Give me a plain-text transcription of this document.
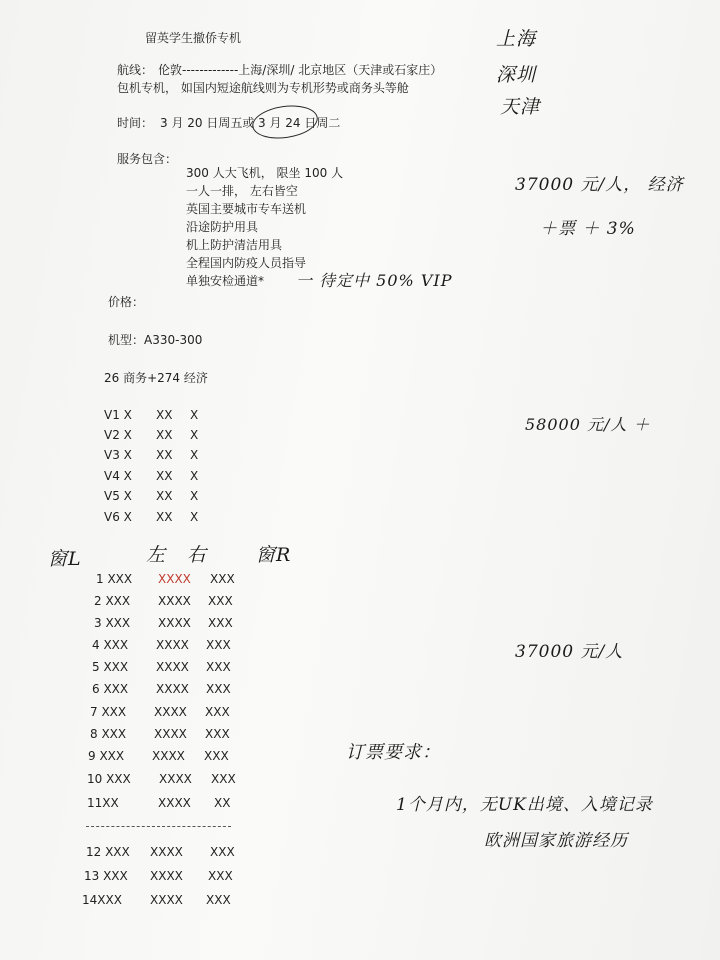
留英学生撤侨专机
航线： 伦敦-------------上海/深圳/ 北京地区（天津或石家庄）
包机专机， 如国内短途航线则为专机形势或商务头等舱
时间： 3 月 20 日周五或 3 月 24 日周二
服务包含：
300 人大飞机， 限坐 100 人
一人一排， 左右皆空
英国主要城市专车送机
沿途防护用具
机上防护清洁用具
全程国内防疫人员指导
单独安检通道*
价格：
机型：A330-300
26 商务+274 经济
V1 X XX X
V2 X XX X
V3 X XX X
V4 X XX X
V5 X XX X
V6 X XX X
1 XXX XXXX XXX
2 XXX XXXX XXX
3 XXX XXXX XXX
4 XXX XXXX XXX
5 XXX XXXX XXX
6 XXX XXXX XXX
7 XXX XXXX XXX
8 XXX XXXX XXX
9 XXX XXXX XXX
10 XXX XXXX XXX
11XX	XXXX XX
12 XXX XXXX XXX
13 XXX XXXX XXX
14XXX XXXX XXX
上海
深圳
天津
37000 元/人， 经济
＋票 ＋ 3%
一 待定中 50% VIP
58000 元/人 ＋
窗L	左 右	窗R
37000 元/人
订票要求：
1个月内，无UK出境、入境记录
欧洲国家旅游经历
